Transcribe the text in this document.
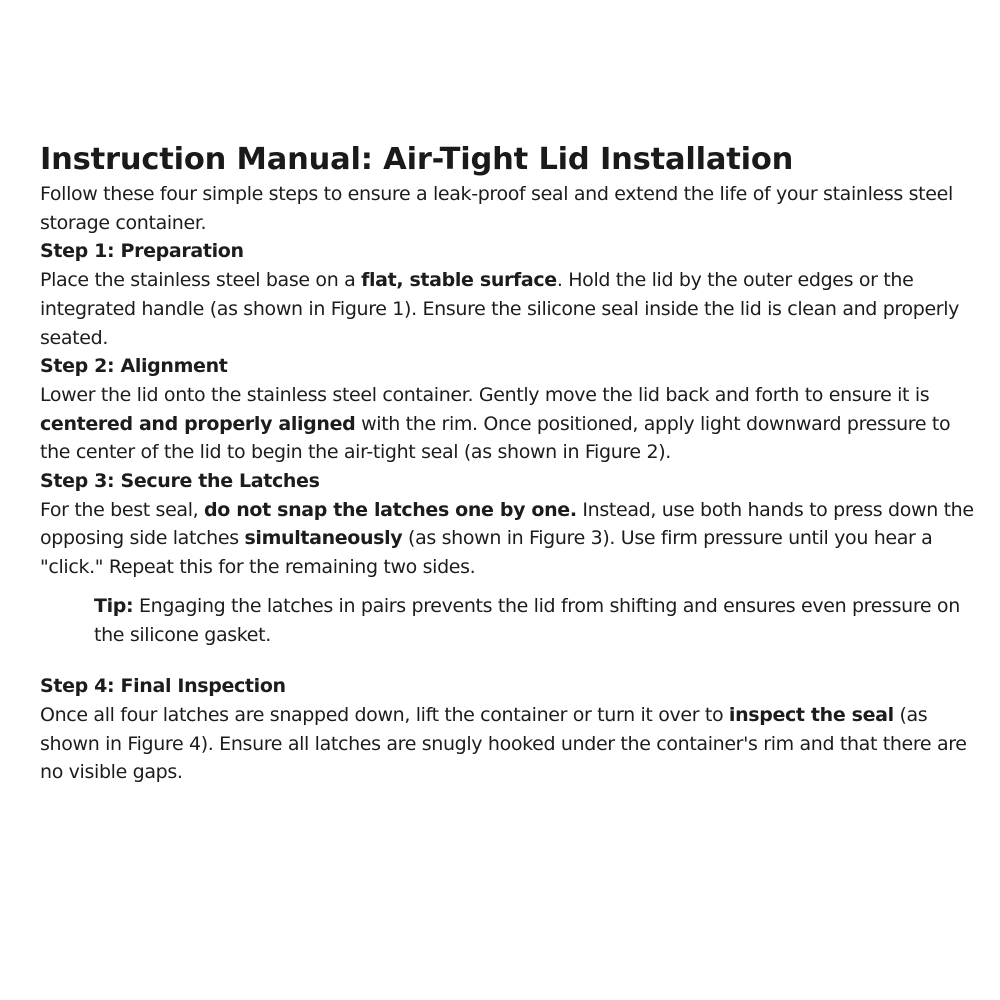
Instruction Manual: Air-Tight Lid Installation

Follow these four simple steps to ensure a leak-proof seal and extend the life of your stainless steel storage container.

Step 1: Preparation

Place the stainless steel base on a flat, stable surface. Hold the lid by the outer edges or the integrated handle (as shown in Figure 1). Ensure the silicone seal inside the lid is clean and properly seated.

Step 2: Alignment

Lower the lid onto the stainless steel container. Gently move the lid back and forth to ensure it is centered and properly aligned with the rim. Once positioned, apply light downward pressure to the center of the lid to begin the air-tight seal (as shown in Figure 2).

Step 3: Secure the Latches

For the best seal, do not snap the latches one by one. Instead, use both hands to press down the opposing side latches simultaneously (as shown in Figure 3). Use firm pressure until you hear a "click." Repeat this for the remaining two sides.

Tip: Engaging the latches in pairs prevents the lid from shifting and ensures even pressure on the silicone gasket.

Step 4: Final Inspection

Once all four latches are snapped down, lift the container or turn it over to inspect the seal (as shown in Figure 4). Ensure all latches are snugly hooked under the container's rim and that there are no visible gaps.
